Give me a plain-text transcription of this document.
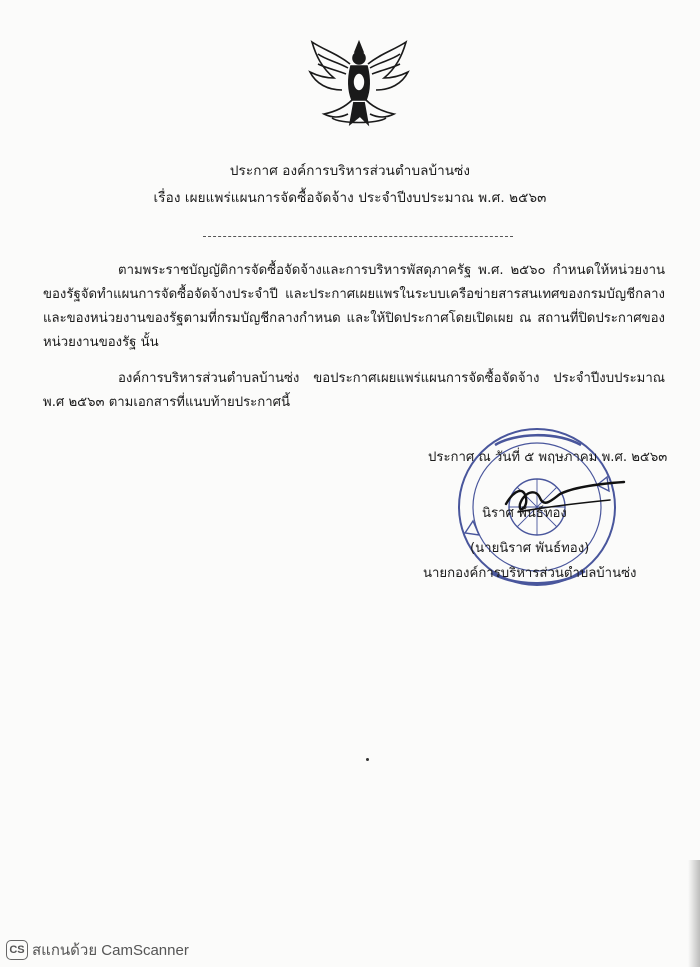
ประกาศ องค์การบริหารส่วนตำบลบ้านซ่ง
เรื่อง เผยแพร่แผนการจัดซื้อจัดจ้าง ประจำปีงบประมาณ พ.ศ. ๒๕๖๓
ตามพระราชบัญญัติการจัดซื้อจัดจ้างและการบริหารพัสดุภาครัฐ พ.ศ. ๒๕๖๐ กำหนดให้หน่วยงานของรัฐจัดทำแผนการจัดซื้อจัดจ้างประจำปี และประกาศเผยแพรในระบบเครือข่ายสารสนเทศของกรมบัญชีกลางและของหน่วยงานของรัฐตามที่กรมบัญชีกลางกำหนด และให้ปิดประกาศโดยเปิดเผย ณ สถานที่ปิดประกาศของหน่วยงานของรัฐ นั้น
องค์การบริหารส่วนตำบลบ้านซ่ง ขอประกาศเผยแพร่แผนการจัดซื้อจัดจ้าง ประจำปีงบประมาณ พ.ศ ๒๕๖๓ ตามเอกสารที่แนบท้ายประกาศนี้
ประกาศ ณ วันที่ ๕ พฤษภาคม พ.ศ. ๒๕๖๓
นิราศ พันธ์ทอง
(นายนิราศ พันธ์ทอง)
นายกองค์การบริหารส่วนตำบลบ้านซ่ง
CS สแกนด้วย CamScanner
